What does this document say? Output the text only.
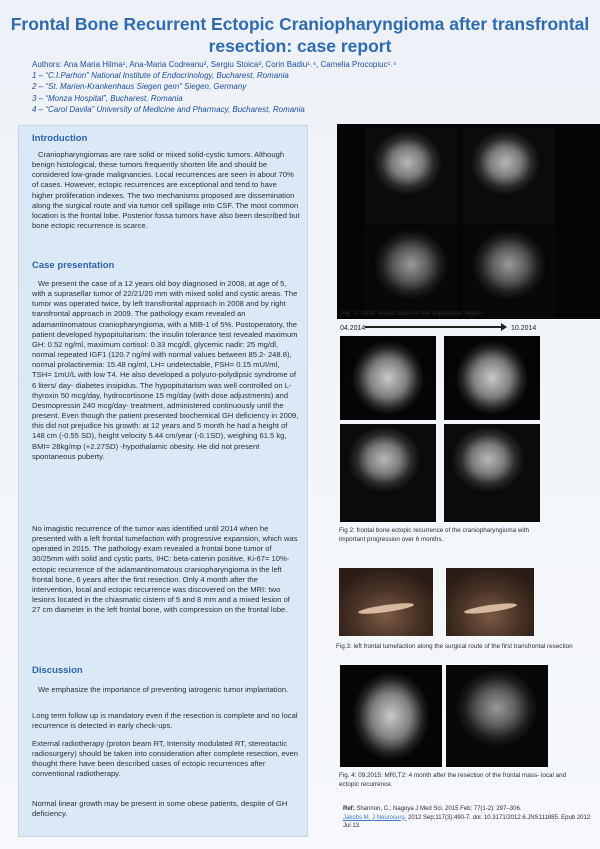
Frontal Bone Recurrent Ectopic Craniopharyngioma after transfrontal
resection: case report
Authors: Ana Maria Hilma¹, Ana-Maria Codreanu², Sergiu Stoica³, Corin Badiu¹˒⁴, Camelia Procopiuc¹˒⁴
1 – “C.I.Parhon” National Institute of Endocrinology, Bucharest, Romania
2 – “St. Marien-Krankenhaus Siegen gem” Siegen, Germany
3 – “Monza Hospital”, Bucharest, Romania
4 – “Carol Davila” University of Medicine and Pharmacy, Bucharest, Romania
Introduction
Craniopharyngiomas are rare solid or mixed solid-cystic tumors. Although benign histological, these tumors frequently shorten life and should be considered low-grade malignancies. Local recurrences are seen in about 70% of cases. However, ectopic recurrences are exceptional and tend to have higher proliferation indexes. The two mechanisms proposed are dissemination along the surgical route and via tumor cell spillage into CSF. The most common location is the frontal lobe. Posterior fossa tumors have also been described but bone ectopic recurrence is scarce.
Case presentation
We present the case of a 12 years old boy diagnosed in 2008, at age of 5, with a suprasellar tumor of 22/21/20 mm with mixed solid and cystic areas. The tumor was operated twice, by left transfrontal approach in 2008 and by right transfrontal approach in 2009. The pathology exam revealed an adamantinomatous craniopharyngioma, with a MIB-1 of 5%. Postoperatory, the patient developed hypopituitarism: the insulin tolerance test revealed maximum GH: 0.52 ng/ml, maximum cortisol: 0.33 mcg/dl, glycemic nadir: 25 mg/dl, normal repeated IGF1 (120.7 ng/ml with normal values between 85.2- 248.8), normal prolactinemia: 15.48 ng/ml, LH= undetectable, FSH= 0.15 mUI/ml, TSH= 1mU/L with low T4. He also developed a polyuro-polydipsic syndrome of 6 liters/ day- diabetes insipidus. The hypopituitarism was well controlled on L-thyroxin 50 mcg/day, hydrocortisone 15 mg/day (with dose adjustments) and Desmopressin 240 mcg/day- treatment, administered continuously until the present. Even though the patient presented biochemical GH deficiency in 2009, this did not prejudice his growth: at 12 years and 5 month he had a height of 148 cm (-0.55 SD), height velocity 5.44 cm/year (-0.1SD), weighing 61.5 kg, BMI= 28kg/mp (+2.27SD) -hypothalamic obesity. He did not present spontaneous puberty.
No imagistic recurrence of the tumor was identified until 2014 when he presented with a left frontal tumefaction with progressive expansion, which was operated in 2015. The pathology exam revealed a frontal bone tumor of 30/25mm with solid and cystic parts, IHC: beta-catenin positive, Ki-67= 10%- ectopic recurrence of the adamantinomatous craniopharyngioma in the left frontal bone, 6 years after the first resection. Only 4 month after the intervention, local and ectopic recurrence was discovered on the MRI: two lesions located in the chiasmatic cistern of 5 and 8 mm and a mixed lesion of 27 cm diameter in the left frontal bone, with compression on the frontal lobe.
Discussion
We emphasize the importance of preventing iatrogenic tumor implantation.
Long term follow up is mandatory even if the resection is complete and no local recurrence is detected in early check-ups.
External radiotherapy (proton beam RT, Intensity modulated RT, stereotactic radiosurgery) should be taken into consideration after complete resection, even thought there have been described cases of ectopic recurrences after conventional radiotherapy.
Normal linear growth may be present in some obese patients, despite of GH deficiency.
Fig. 1: 2008- mixed lesion in the suprasellar region
04.2014	10.2014
Fig 2: frontal bone ectopic recurrence of the craniopharyngioma with important progression over 6 months.
Fig.3: left frontal tumefaction along the surgical route of the first transfrontal resection
Fig. 4: 09.2015: MRI,T2: 4 month after the resection of the frontal mass- local and ectopic recurrence.
Ref: Shannon, C.; Nagoya J Med Sci. 2015 Feb; 77(1-2): 297–306.
Jakobs M, J Neurosurg. 2012 Sep;117(3):490-7. doi: 10.3171/2012.6.JNS111885. Epub 2012 Jul 13.
